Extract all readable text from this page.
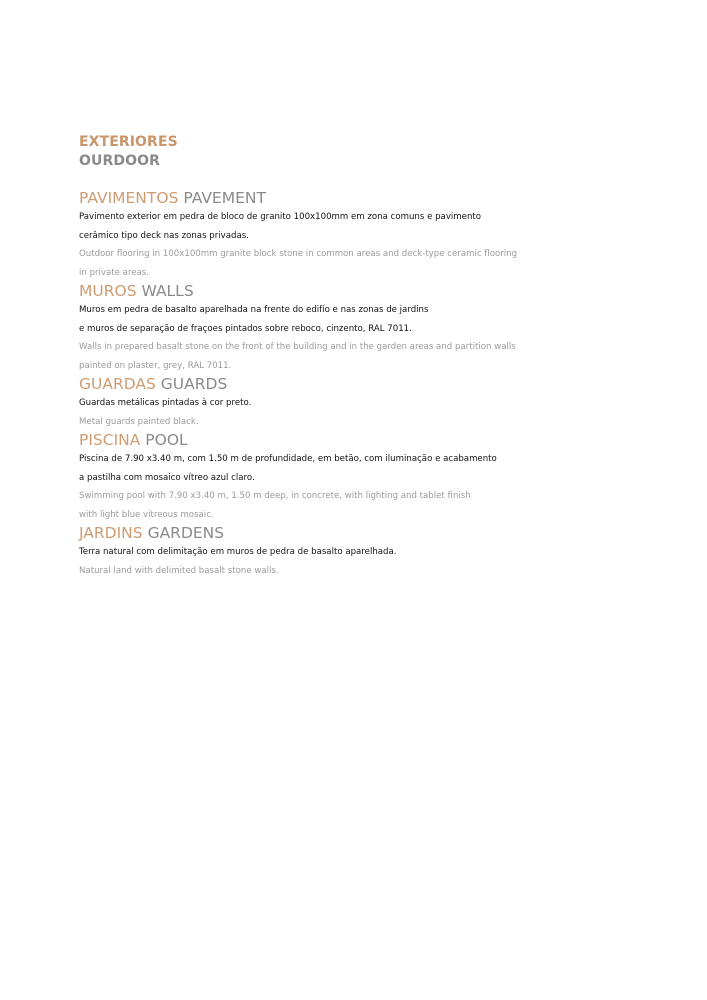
EXTERIORES

OURDOOR

PAVIMENTOS PAVEMENT

Pavimento exterior em pedra de bloco de granito 100x100mm em zona comuns e pavimento

cerâmico tipo deck nas zonas privadas.

Outdoor flooring in 100x100mm granite block stone in common areas and deck-type ceramic flooring

in private areas.

MUROS WALLS

Muros em pedra de basalto aparelhada na frente do edifío e nas zonas de jardins

e muros de separação de fraçoes pintados sobre reboco, cinzento, RAL 7011.

Walls in prepared basalt stone on the front of the building and in the garden areas and partition walls

painted on plaster, grey, RAL 7011.

GUARDAS GUARDS

Guardas metálicas pintadas à cor preto.

Metal guards painted black.

PISCINA POOL

Piscina de 7.90 x3.40 m, com 1.50 m de profundidade, em betão, com iluminação e acabamento

a pastilha com mosaico vítreo azul claro.

Swimming pool with 7.90 x3.40 m, 1.50 m deep, in concrete, with lighting and tablet finish

with light blue vitreous mosaic.

JARDINS GARDENS

Terra natural com delimitação em muros de pedra de basalto aparelhada.

Natural land with delimited basalt stone walls.
